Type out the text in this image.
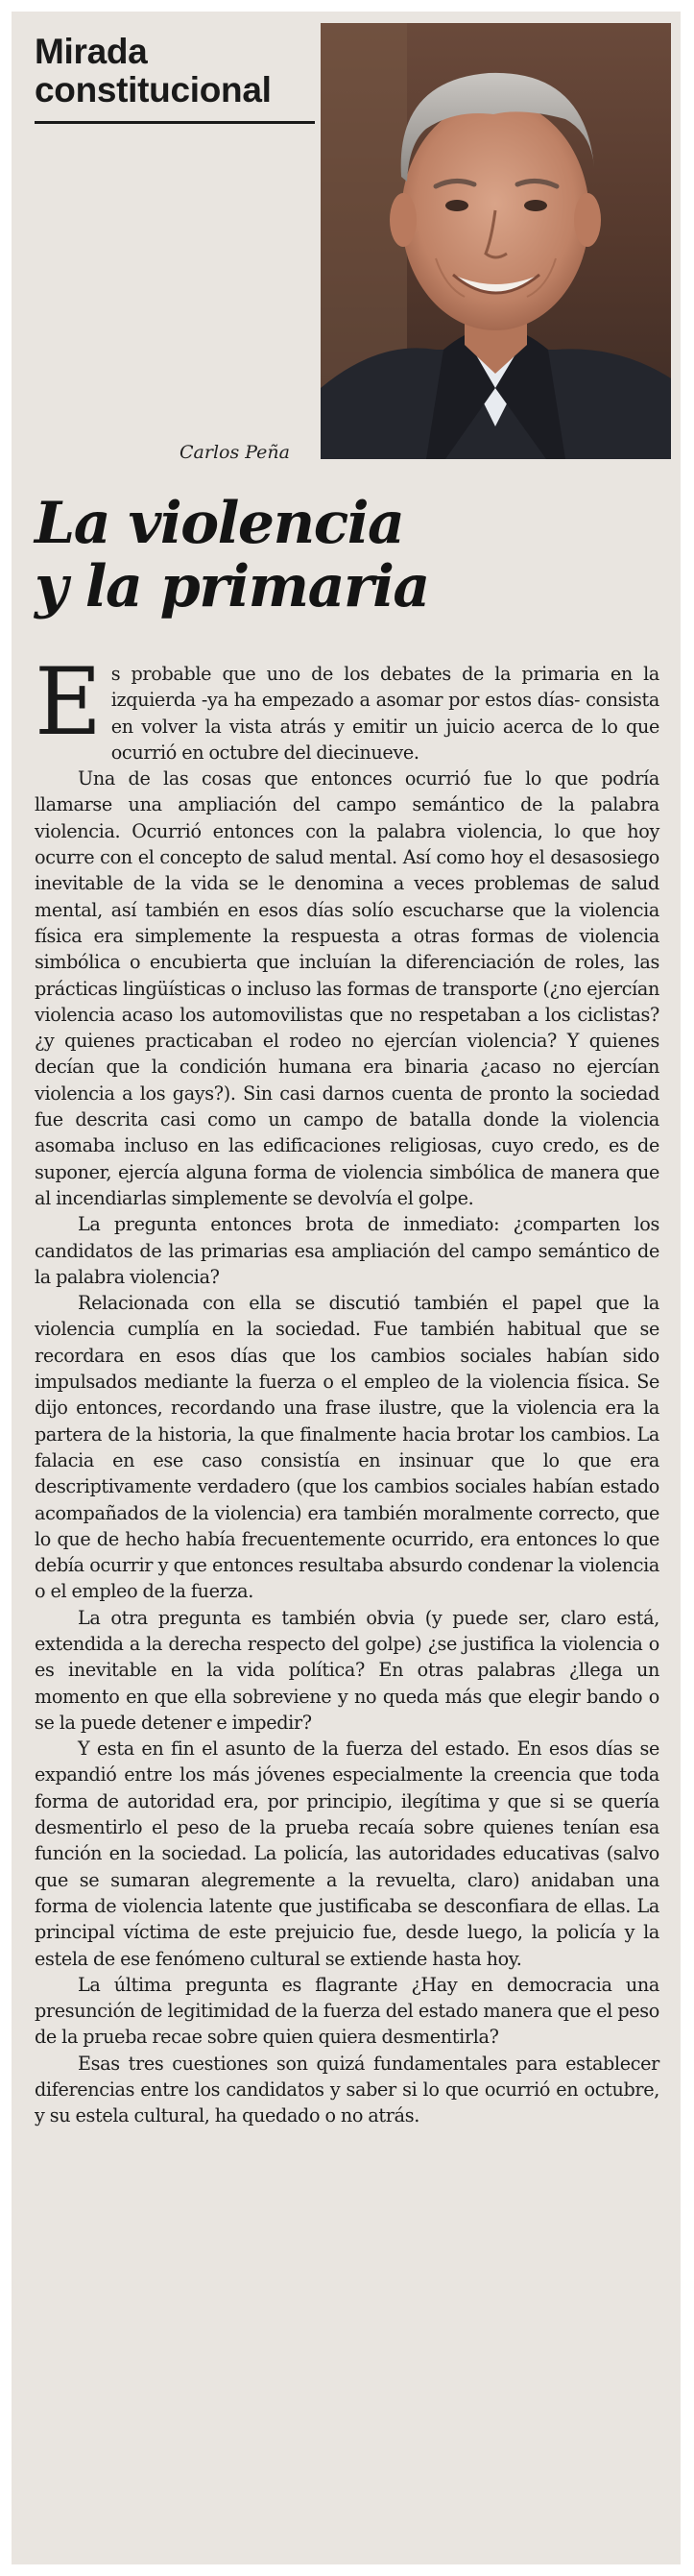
Mirada
constitucional
Carlos Peña
La violencia
y la primaria

Es probable que uno de los debates de la primaria en la izquierda -ya ha empezado a asomar por estos días- consista en volver la vista atrás y emitir un juicio acerca de lo que ocurrió en octubre del diecinueve.

Una de las cosas que entonces ocurrió fue lo que podría llamarse una ampliación del campo semántico de la palabra violencia. Ocurrió entonces con la palabra violencia, lo que hoy ocurre con el concepto de salud mental. Así como hoy el desasosiego inevitable de la vida se le denomina a veces problemas de salud mental, así también en esos días solío escucharse que la violencia física era simplemente la respuesta a otras formas de violencia simbólica o encubierta que incluían la diferenciación de roles, las prácticas lingüísticas o incluso las formas de transporte (¿no ejercían violencia acaso los automovilistas que no respetaban a los ciclistas? ¿y quienes practicaban el rodeo no ejercían violencia? Y quienes decían que la condición humana era binaria ¿acaso no ejercían violencia a los gays?). Sin casi darnos cuenta de pronto la sociedad fue descrita casi como un campo de batalla donde la violencia asomaba incluso en las edificaciones religiosas, cuyo credo, es de suponer, ejercía alguna forma de violencia simbólica de manera que al incendiarlas simplemente se devolvía el golpe.

La pregunta entonces brota de inmediato: ¿comparten los candidatos de las primarias esa ampliación del campo semántico de la palabra violencia?

Relacionada con ella se discutió también el papel que la violencia cumplía en la sociedad. Fue también habitual que se recordara en esos días que los cambios sociales habían sido impulsados mediante la fuerza o el empleo de la violencia física. Se dijo entonces, recordando una frase ilustre, que la violencia era la partera de la historia, la que finalmente hacia brotar los cambios. La falacia en ese caso consistía en insinuar que lo que era descriptivamente verdadero (que los cambios sociales habían estado acompañados de la violencia) era también moralmente correcto, que lo que de hecho había frecuentemente ocurrido, era entonces lo que debía ocurrir y que entonces resultaba absurdo condenar la violencia o el empleo de la fuerza.

La otra pregunta es también obvia (y puede ser, claro está, extendida a la derecha respecto del golpe) ¿se justifica la violencia o es inevitable en la vida política? En otras palabras ¿llega un momento en que ella sobreviene y no queda más que elegir bando o se la puede detener e impedir?

Y esta en fin el asunto de la fuerza del estado. En esos días se expandió entre los más jóvenes especialmente la creencia que toda forma de autoridad era, por principio, ilegítima y que si se quería desmentirlo el peso de la prueba recaía sobre quienes tenían esa función en la sociedad. La policía, las autoridades educativas (salvo que se sumaran alegremente a la revuelta, claro) anidaban una forma de violencia latente que justificaba se desconfiara de ellas. La principal víctima de este prejuicio fue, desde luego, la policía y la estela de ese fenómeno cultural se extiende hasta hoy.

La última pregunta es flagrante ¿Hay en democracia una presunción de legitimidad de la fuerza del estado manera que el peso de la prueba recae sobre quien quiera desmentirla?

Esas tres cuestiones son quizá fundamentales para establecer diferencias entre los candidatos y saber si lo que ocurrió en octubre, y su estela cultural, ha quedado o no atrás.
